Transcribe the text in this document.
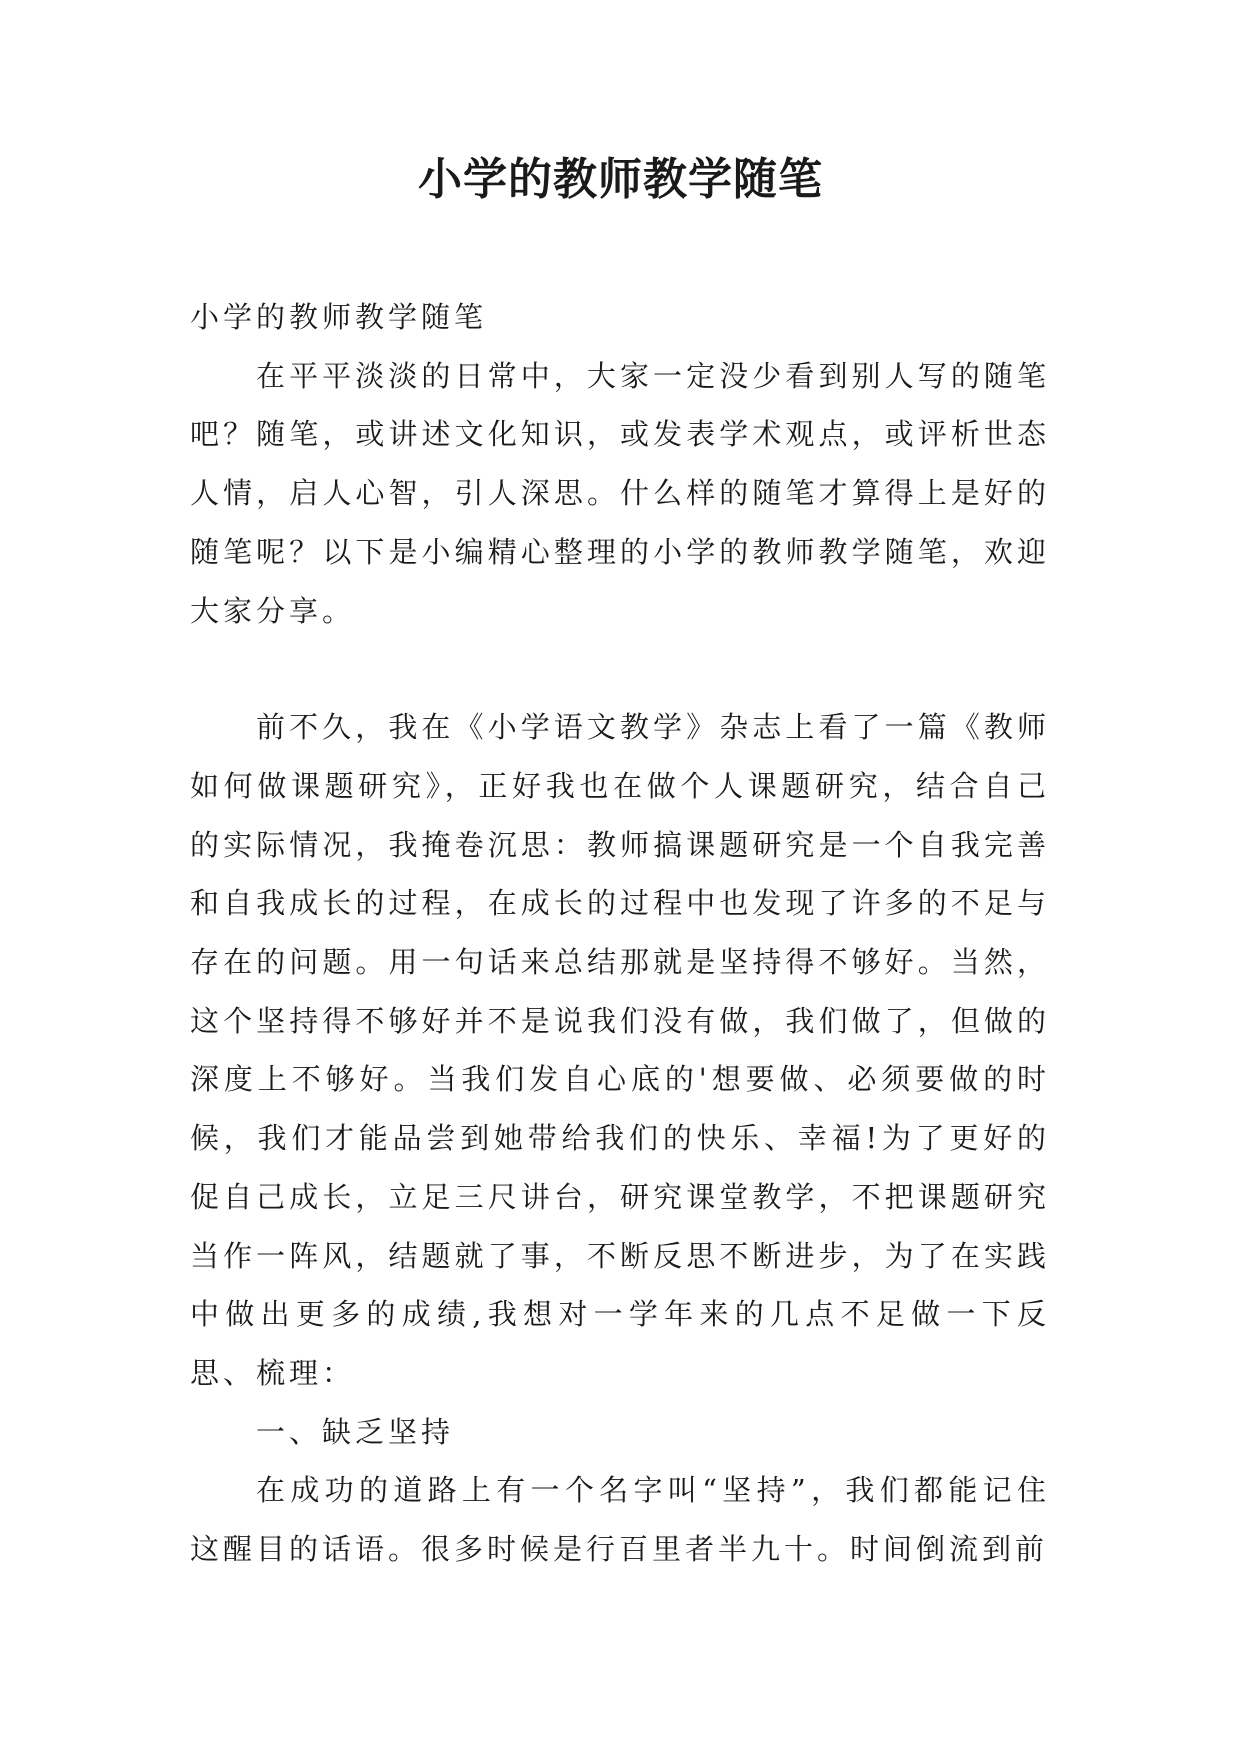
小学的教师教学随笔

小学的教师教学随笔

在平平淡淡的日常中，大家一定没少看到别人写的随笔吧？随笔，或讲述文化知识，或发表学术观点，或评析世态人情，启人心智，引人深思。什么样的随笔才算得上是好的随笔呢？以下是小编精心整理的小学的教师教学随笔，欢迎大家分享。

前不久，我在《小学语文教学》杂志上看了一篇《教师如何做课题研究》，正好我也在做个人课题研究，结合自己的实际情况，我掩卷沉思：教师搞课题研究是一个自我完善和自我成长的过程，在成长的过程中也发现了许多的不足与存在的问题。用一句话来总结那就是坚持得不够好。当然，这个坚持得不够好并不是说我们没有做，我们做了，但做的深度上不够好。当我们发自心底的'想要做、必须要做的时候，我们才能品尝到她带给我们的快乐、幸福!为了更好的促自己成长，立足三尺讲台，研究课堂教学，不把课题研究当作一阵风，结题就了事，不断反思不断进步，为了在实践中做出更多的成绩,我想对一学年来的几点不足做一下反思、梳理：

一、缺乏坚持

在成功的道路上有一个名字叫“坚持”，我们都能记住这醒目的话语。很多时候是行百里者半九十。时间倒流到前
